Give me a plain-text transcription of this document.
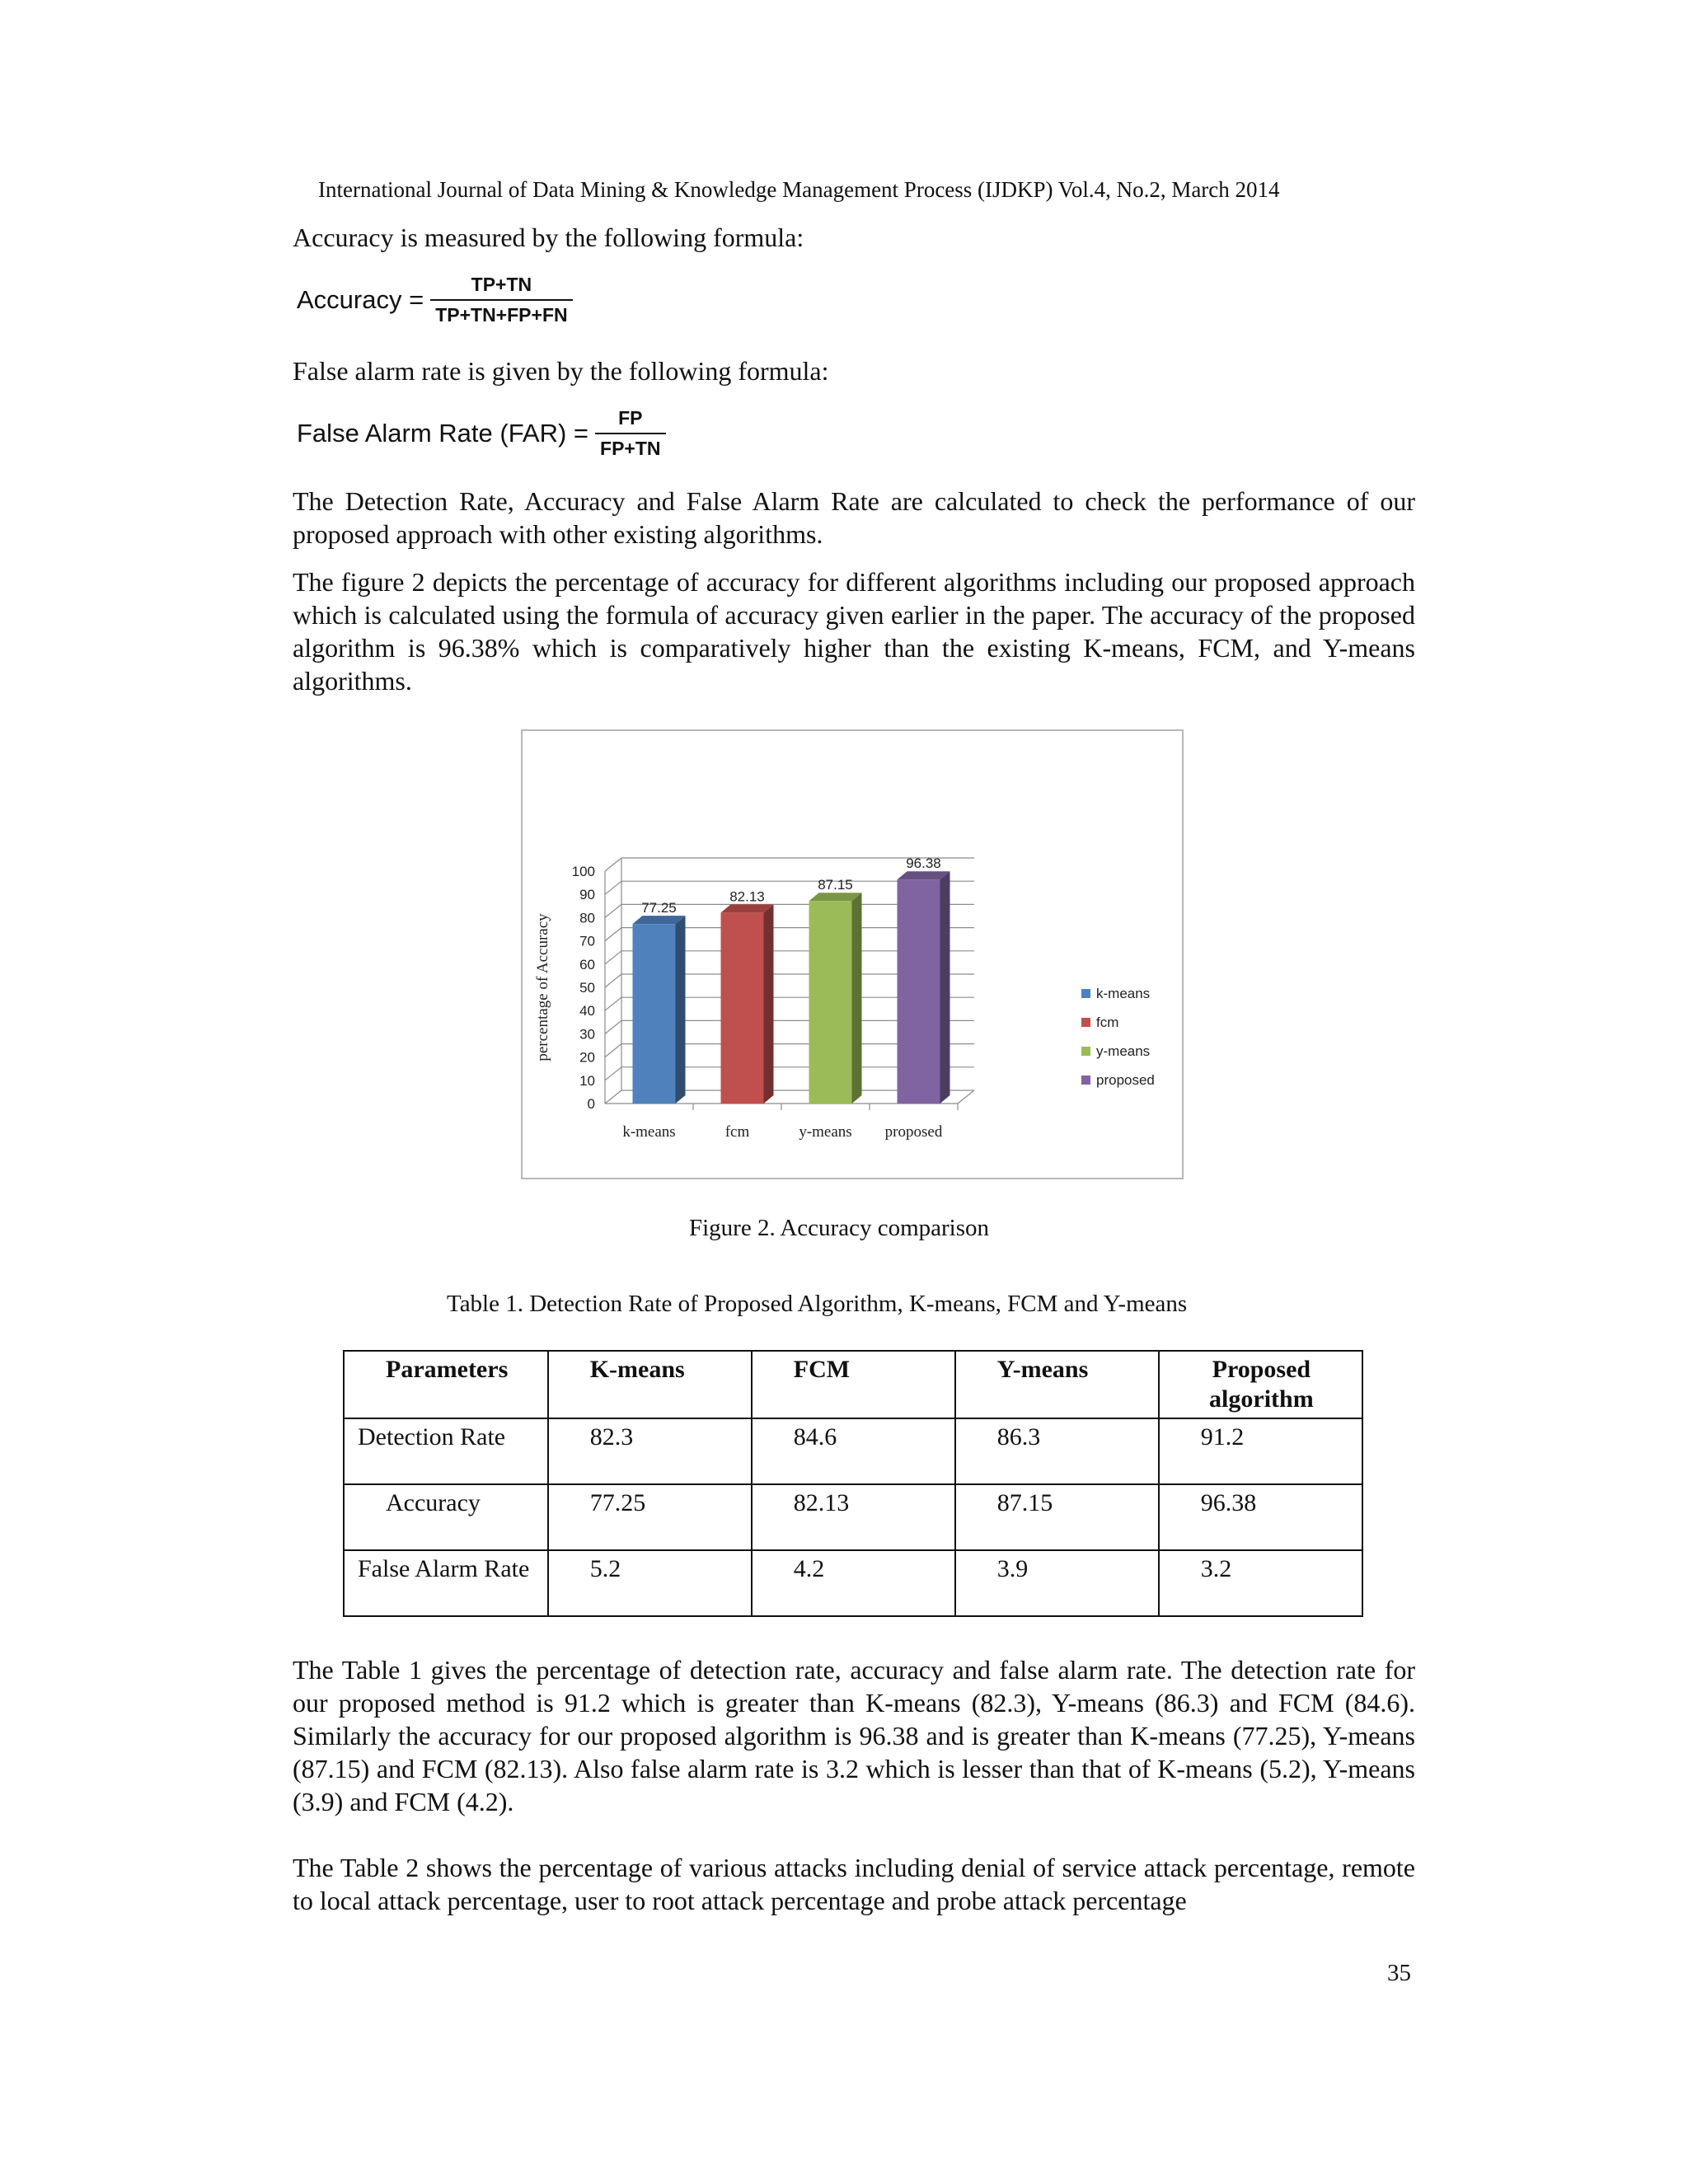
International Journal of Data Mining & Knowledge Management Process (IJDKP) Vol.4, No.2, March 2014
Accuracy is measured by the following formula:
Accuracy = $\frac{TP+TN}{TP+TN+FP+FN}$
False alarm rate is given by the following formula:
False Alarm Rate $(FAR) = \frac{FP}{FP+TN}$
The Detection Rate, Accuracy and False Alarm Rate are calculated to check the performance of our proposed approach with other existing algorithms.
The figure 2 depicts the percentage of accuracy for different algorithms including our proposed approach which is calculated using the formula of accuracy given earlier in the paper. The accuracy of the proposed algorithm is 96.38% which is comparatively higher than the existing K-means, FCM, and Y-means algorithms.
0
10
20
30
40
50
60
70
80
90
100
percentage of Accuracy
77.25
k-means
82.13
fcm
87.15
y-means
96.38
proposed
k-means
fcm
y-means
proposed
Figure 2. Accuracy comparison
Table 1. Detection Rate of Proposed Algorithm, K-means, FCM and Y-means
Parameters	K-means	FCM	Y-means	Proposed algorithm
Detection Rate	82.3	84.6	86.3	91.2
Accuracy	77.25	82.13	87.15	96.38
False Alarm Rate	5.2	4.2	3.9	3.2
The Table 1 gives the percentage of detection rate, accuracy and false alarm rate. The detection rate for our proposed method is 91.2 which is greater than K-means (82.3), Y-means (86.3) and FCM (84.6). Similarly the accuracy for our proposed algorithm is 96.38 and is greater than K-means (77.25), Y-means (87.15) and FCM (82.13). Also false alarm rate is 3.2 which is lesser than that of K-means (5.2), Y-means (3.9) and FCM (4.2).
The Table 2 shows the percentage of various attacks including denial of service attack percentage, remote to local attack percentage, user to root attack percentage and probe attack percentage
35
